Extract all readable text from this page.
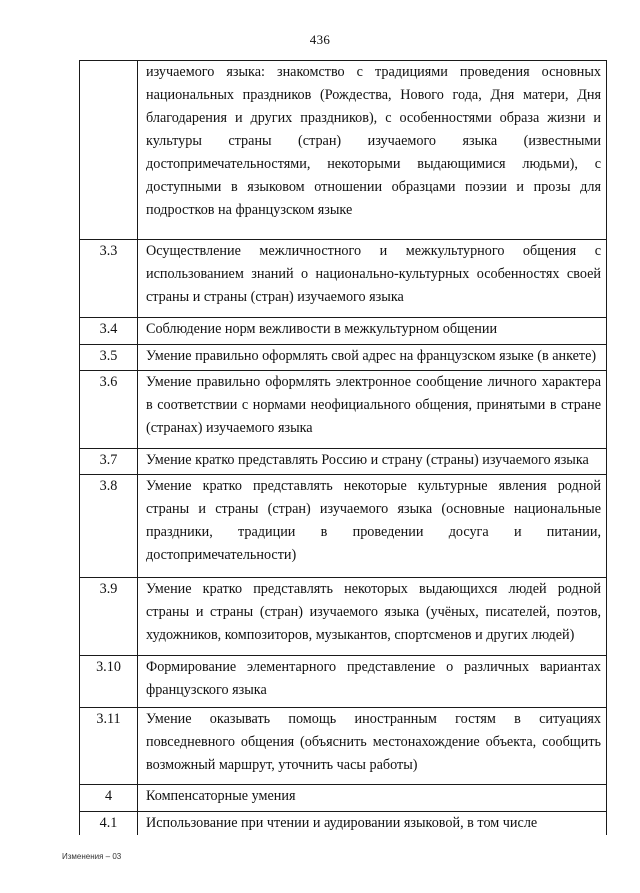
436
	изучаемого языка: знакомство с традициями проведения основных национальных праздников (Рождества, Нового года, Дня матери, Дня благодарения и других праздников), с особенностями образа жизни и культуры страны (стран) изучаемого языка (известными достопримечательностями, некоторыми выдающимися людьми), с доступными в языковом отношении образцами поэзии и прозы для подростков на французском языке
3.3	Осуществление межличностного и межкультурного общения с использованием знаний о национально-культурных особенностях своей страны и страны (стран) изучаемого языка
3.4	Соблюдение норм вежливости в межкультурном общении
3.5	Умение правильно оформлять свой адрес на французском языке (в анкете)
3.6	Умение правильно оформлять электронное сообщение личного характера в соответствии с нормами неофициального общения, принятыми в стране (странах) изучаемого языка
3.7	Умение кратко представлять Россию и страну (страны) изучаемого языка
3.8	Умение кратко представлять некоторые культурные явления родной страны и страны (стран) изучаемого языка (основные национальные праздники, традиции в проведении досуга и питании, достопримечательности)
3.9	Умение кратко представлять некоторых выдающихся людей родной страны и страны (стран) изучаемого языка (учёных, писателей, поэтов, художников, композиторов, музыкантов, спортсменов и других людей)
3.10	Формирование элементарного представление о различных вариантах французского языка
3.11	Умение оказывать помощь иностранным гостям в ситуациях повседневного общения (объяснить местонахождение объекта, сообщить возможный маршрут, уточнить часы работы)
4	Компенсаторные умения
4.1	Использование при чтении и аудировании языковой, в том числе
Изменения – 03
